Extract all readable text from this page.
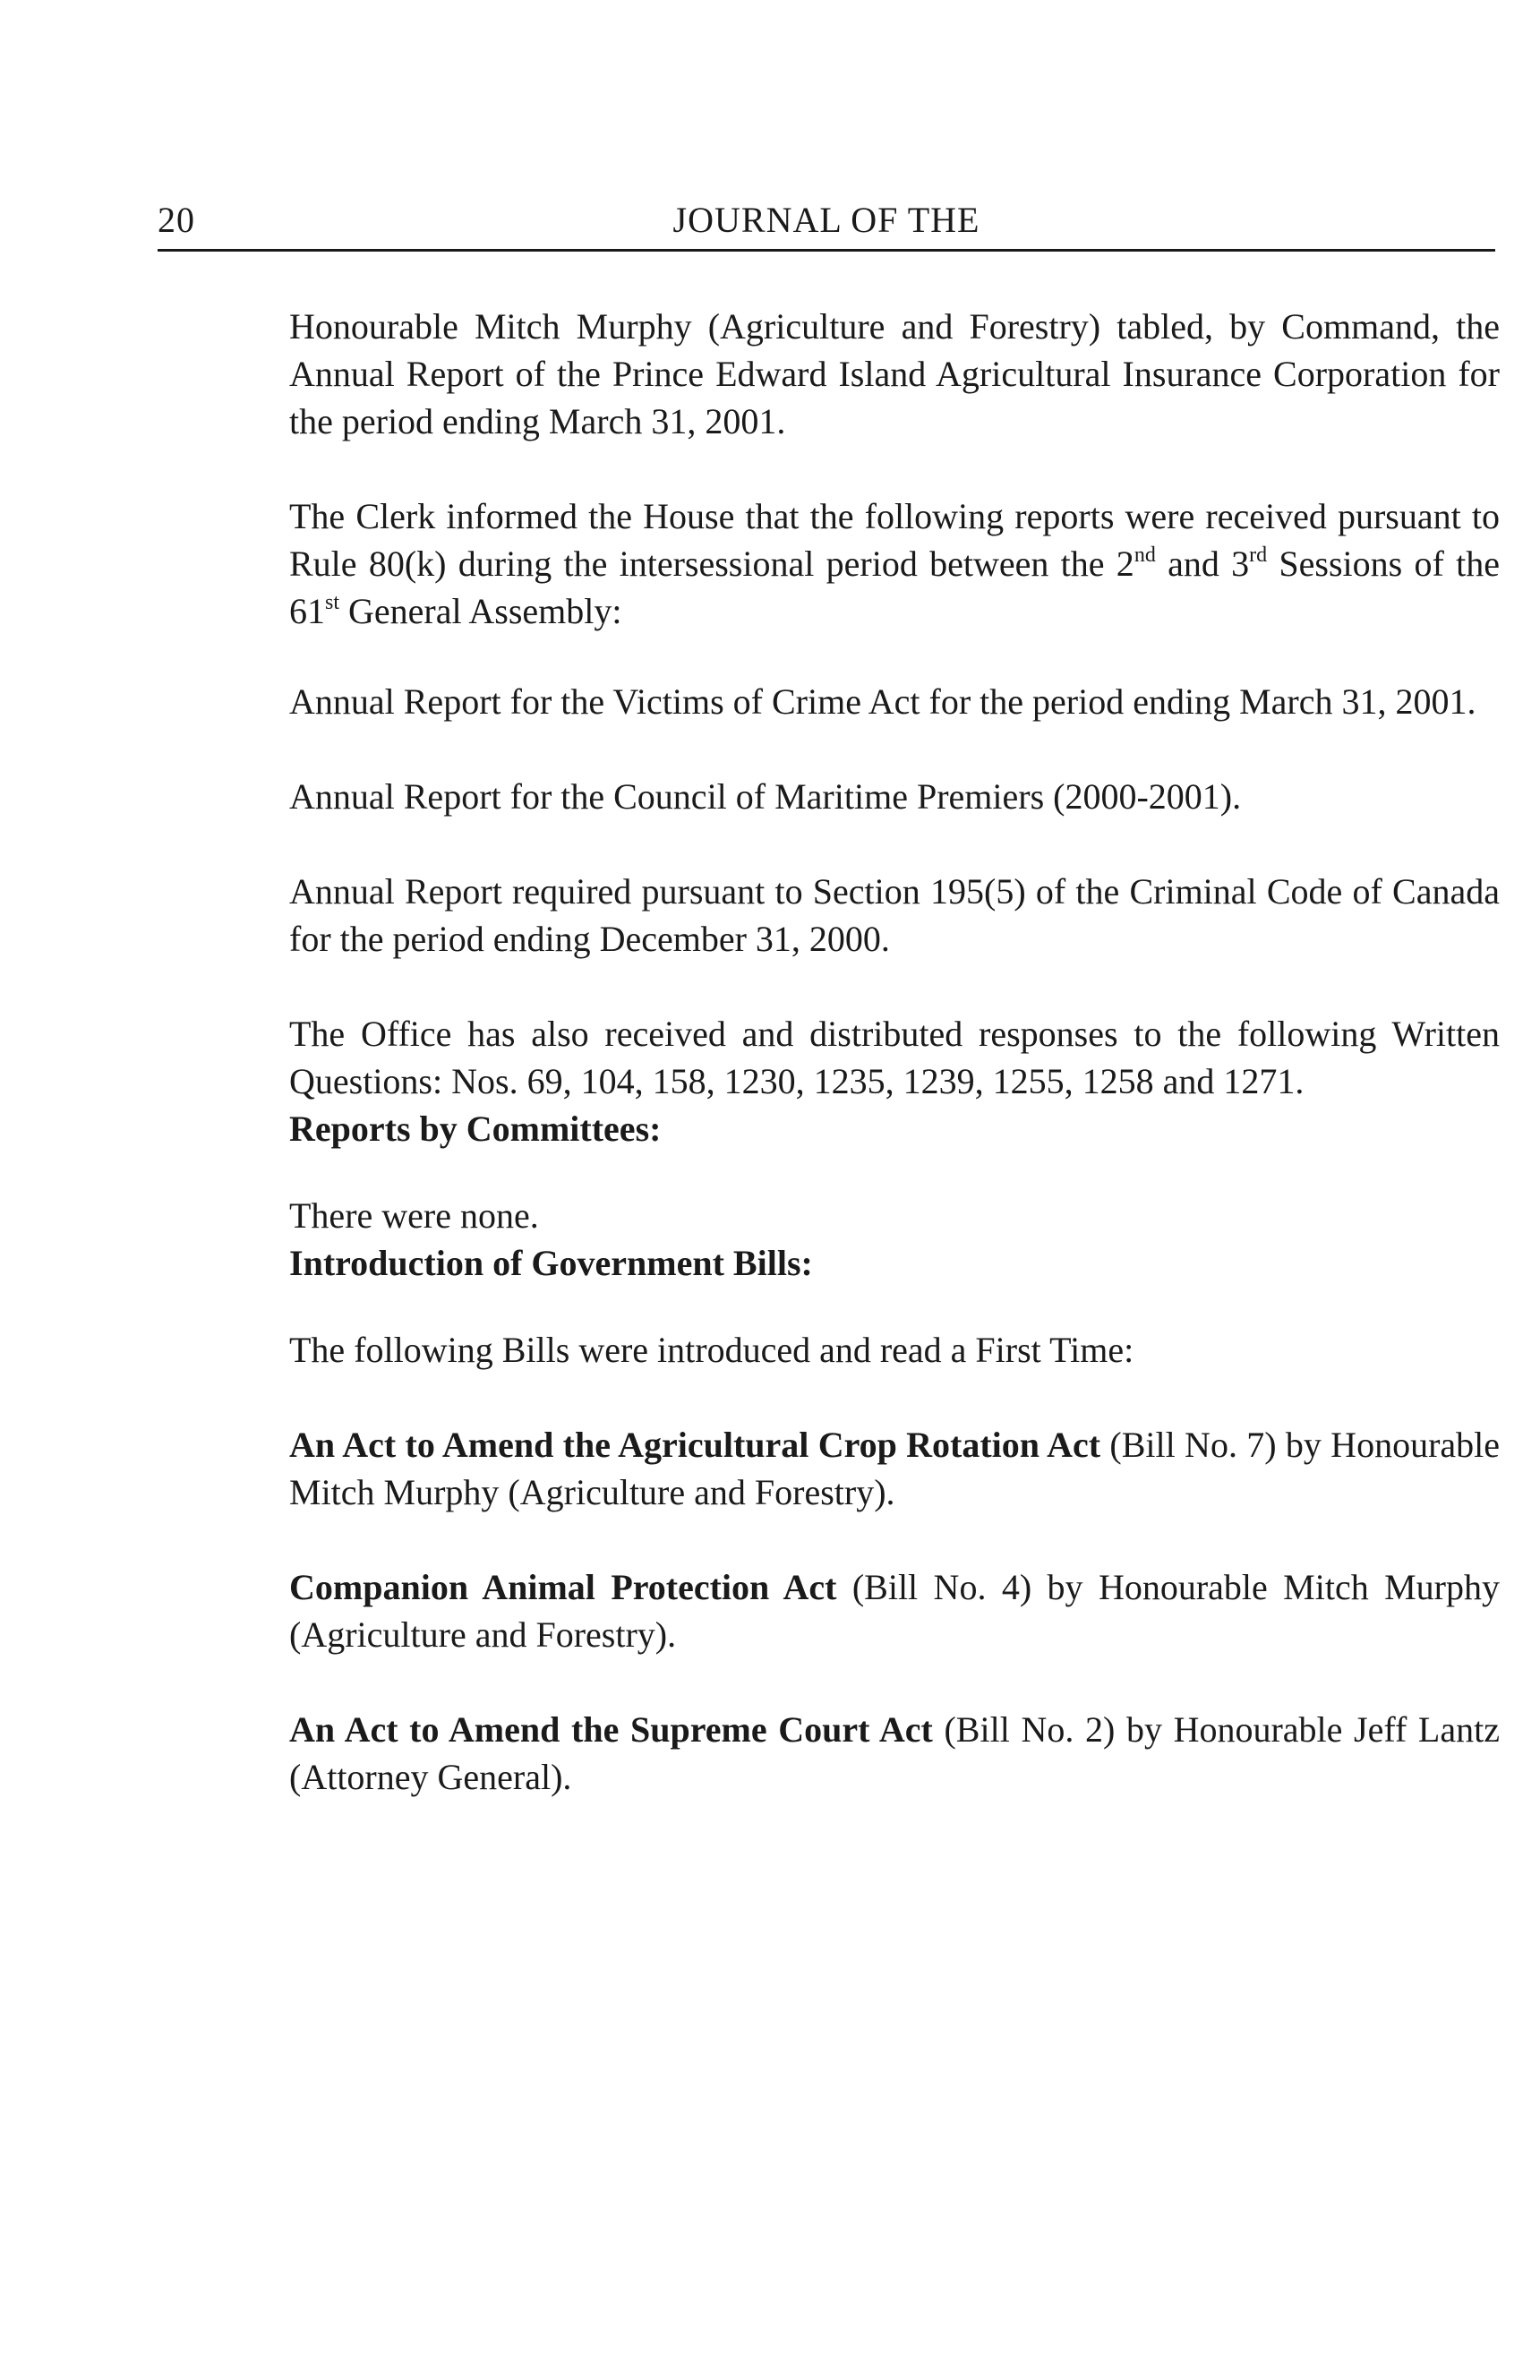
20	JOURNAL OF THE

Honourable Mitch Murphy (Agriculture and Forestry) tabled, by Command, the Annual Report of the Prince Edward Island Agricultural Insurance Corporation for the period ending March 31, 2001.

The Clerk informed the House that the following reports were received pursuant to Rule 80(k) during the intersessional period between the 2nd and 3rd Sessions of the 61st General Assembly:

Annual Report for the Victims of Crime Act for the period ending March 31, 2001.

Annual Report for the Council of Maritime Premiers (2000-2001).

Annual Report required pursuant to Section 195(5) of the Criminal Code of Canada for the period ending December 31, 2000.

The Office has also received and distributed responses to the following Written Questions: Nos. 69, 104, 158, 1230, 1235, 1239, 1255, 1258 and 1271.

Reports by Committees:

There were none.

Introduction of Government Bills:

The following Bills were introduced and read a First Time:

An Act to Amend the Agricultural Crop Rotation Act (Bill No. 7) by Honourable Mitch Murphy (Agriculture and Forestry).

Companion Animal Protection Act (Bill No. 4) by Honourable Mitch Murphy (Agriculture and Forestry).

An Act to Amend the Supreme Court Act (Bill No. 2) by Honourable Jeff Lantz (Attorney General).
